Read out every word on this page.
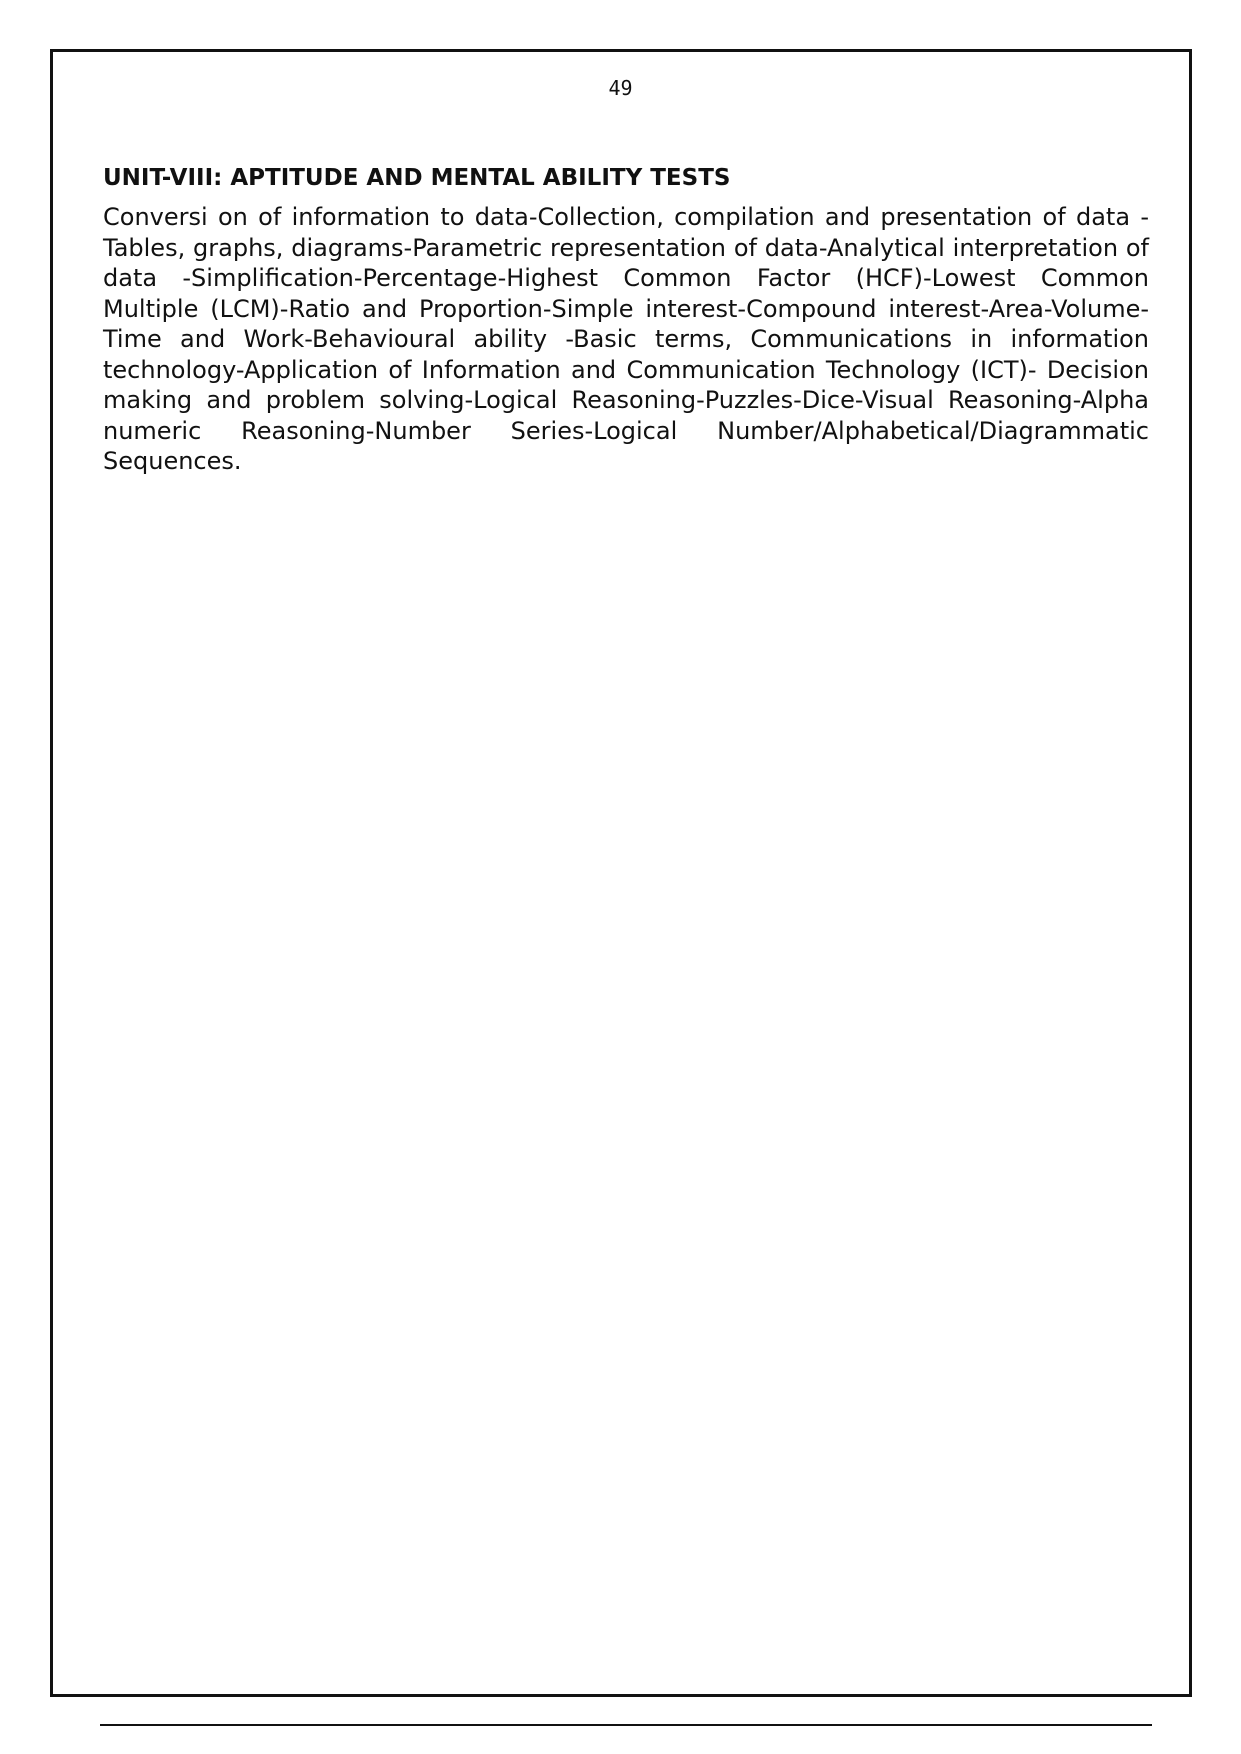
49
UNIT-VIII: APTITUDE AND MENTAL ABILITY TESTS

Conversi on of information to data-Collection, compilation and presentation of data - Tables, graphs, diagrams-Parametric representation of data-Analytical interpretation of data -Simplification-Percentage-Highest Common Factor (HCF)-Lowest Common Multiple (LCM)-Ratio and Proportion-Simple interest-Compound interest-Area-Volume-Time and Work-Behavioural ability -Basic terms, Communications in information technology-Application of Information and Communication Technology (ICT)- Decision making and problem solving-Logical Reasoning-Puzzles-Dice-Visual Reasoning-Alpha numeric Reasoning-Number Series-Logical Number/Alphabetical/Diagrammatic Sequences.
